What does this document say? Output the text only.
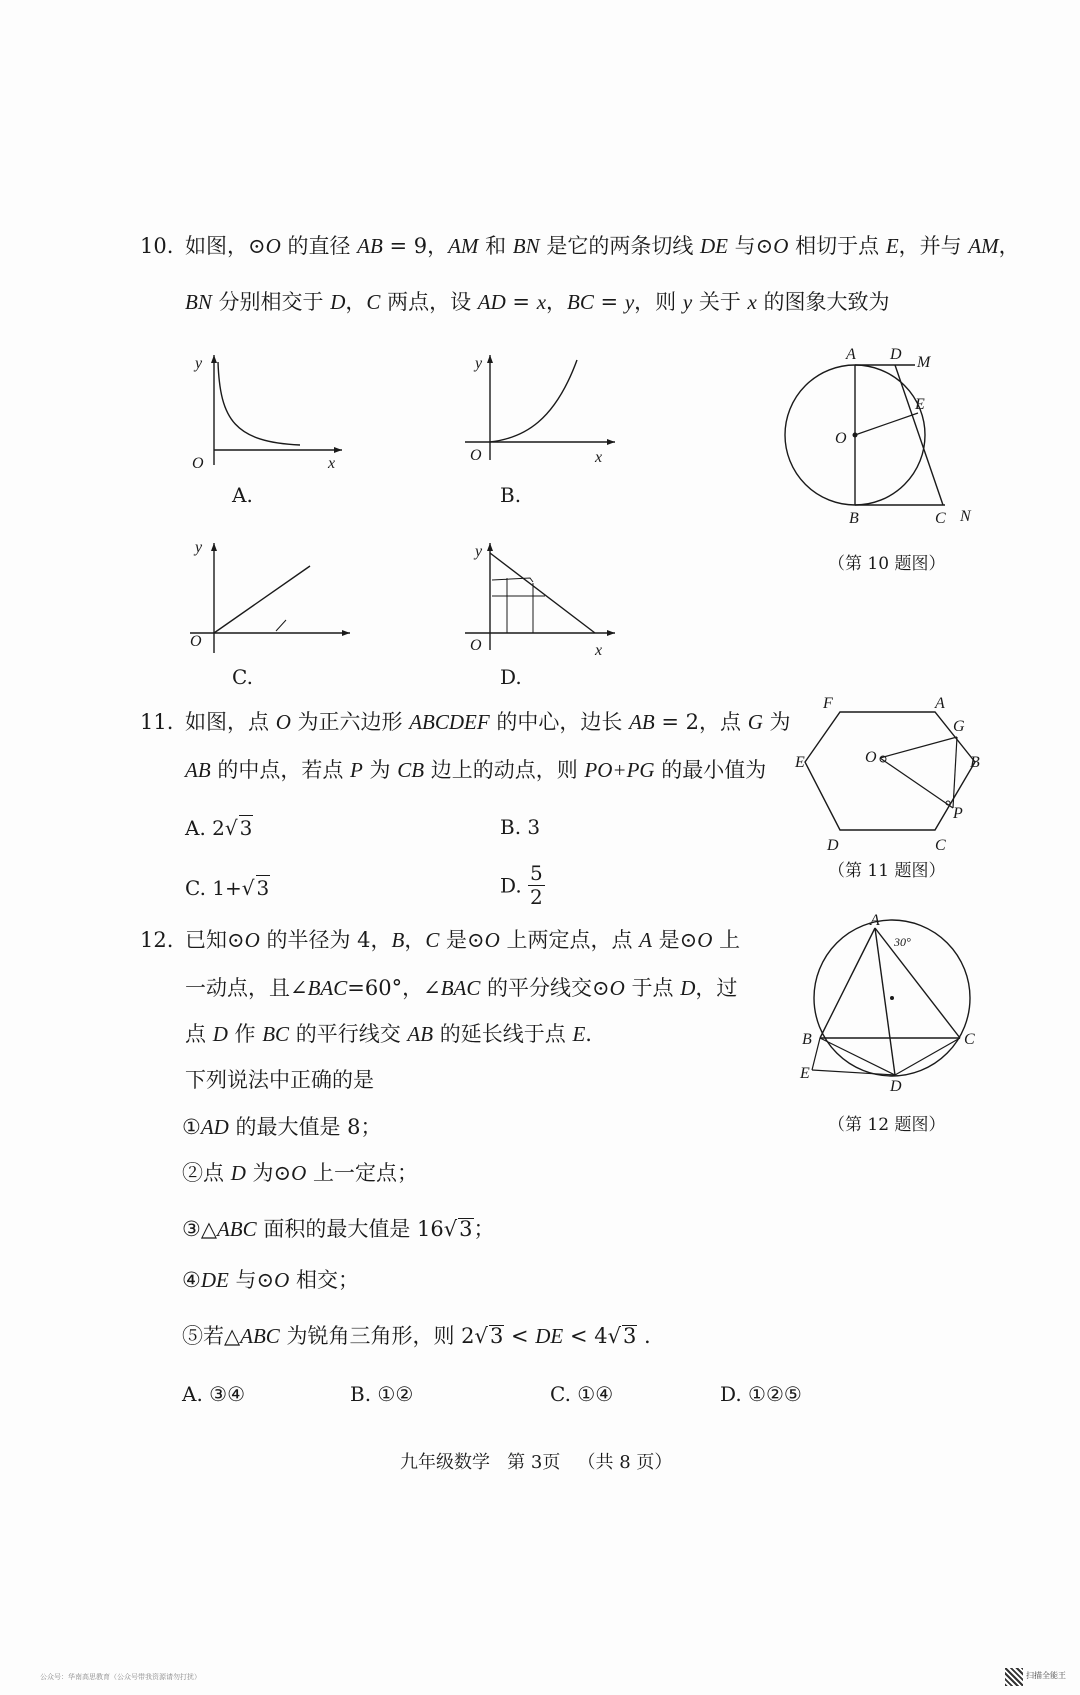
10. 如图，⊙O 的直径 AB = 9，AM 和 BN 是它的两条切线 DE 与⊙O 相切于点 E，并与 AM，
BN 分别相交于 D，C 两点，设 AD = x，BC = y，则 y 关于 x 的图象大致为
y
x
O
A.
y
x
O
B.
y
O
C.
y
x
O
D.
A D M
E
O
B	C N
（第 10 题图）
11. 如图，点 O 为正六边形 ABCDEF 的中心，边长 AB = 2，点 G 为
AB 的中点，若点 P 为 CB 边上的动点，则 PO+PG 的最小值为
A. 2√ 3	B. 3
C. 1+√ 3	D. $\frac{5}{2}$
F	A
G
E	O	B
D
P
C
（第 11 题图）
12. 已知⊙O 的半径为 4，B，C 是⊙O 上两定点，点 A 是⊙O 上
一动点，且∠BAC=60°，∠BAC 的平分线交⊙O 于点 D，过
点 D 作 BC 的平行线交 AB 的延长线于点 E.
下列说法中正确的是
①AD 的最大值是 8；
②点 D 为⊙O 上一定点；
③△ABC 面积的最大值是 16√3；
④DE 与⊙O 相交；
⑤若△ABC 为锐角三角形，则 2√3 < DE < 4√3 .
A. ③④	B. ①②	C. ①④	D. ①②⑤
30°
A
B	C
E
D
（第 12 题图）
九年级数学   第 3页   （共 8 页）
公众号：华南高思教育（公众号带我资源请勿打扰）	扫描全能王
